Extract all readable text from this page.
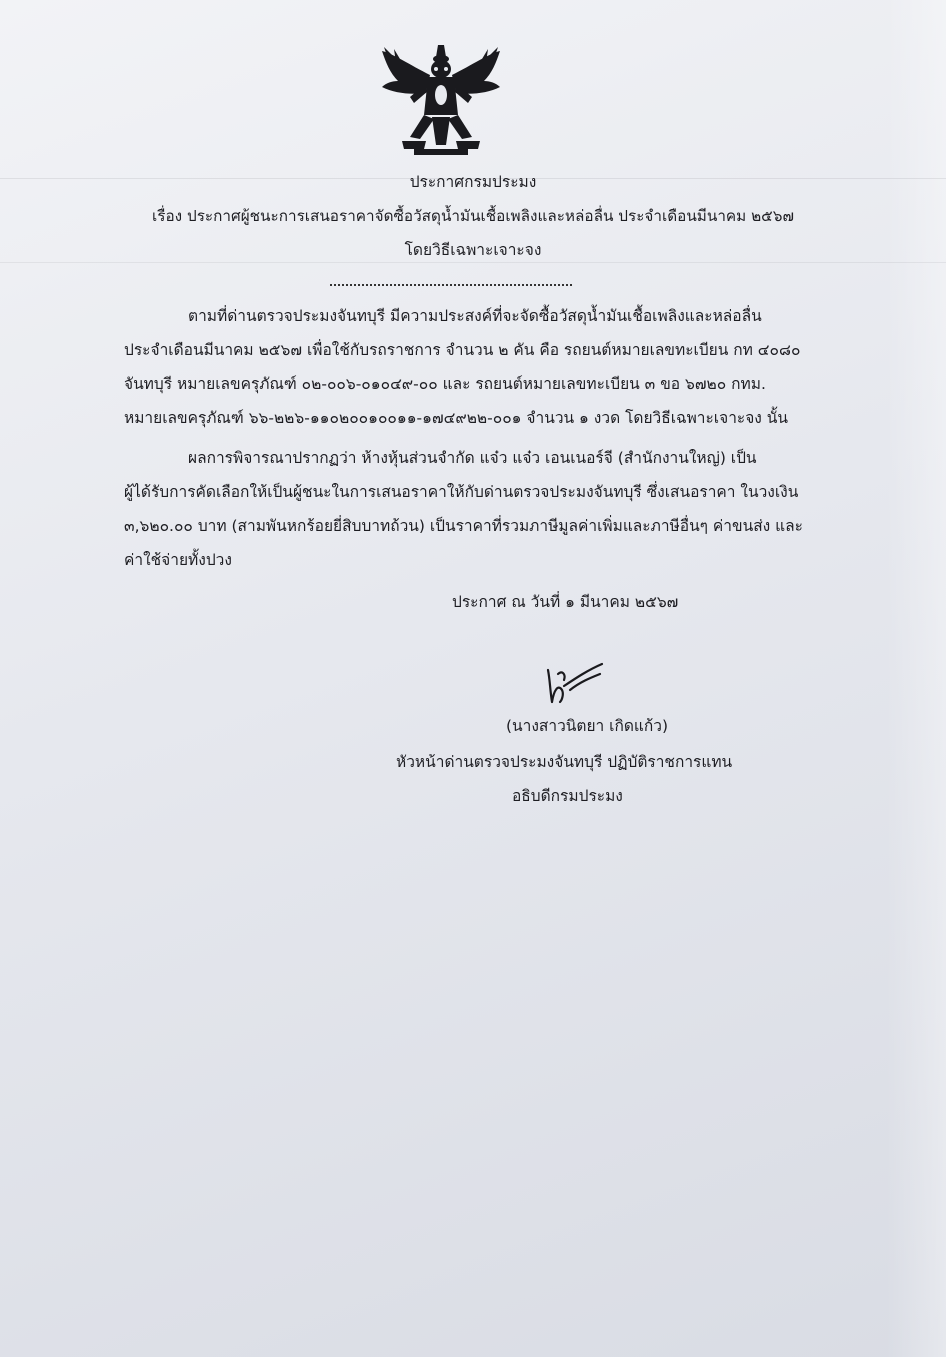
ประกาศกรมประมง
เรื่อง ประกาศผู้ชนะการเสนอราคาจัดซื้อวัสดุน้ำมันเชื้อเพลิงและหล่อลื่น ประจำเดือนมีนาคม ๒๕๖๗
โดยวิธีเฉพาะเจาะจง
ตามที่ด่านตรวจประมงจันทบุรี มีความประสงค์ที่จะจัดซื้อวัสดุน้ำมันเชื้อเพลิงและหล่อลื่น
ประจำเดือนมีนาคม ๒๕๖๗ เพื่อใช้กับรถราชการ จำนวน ๒ คัน คือ รถยนต์หมายเลขทะเบียน กท ๔๐๘๐
จันทบุรี หมายเลขครุภัณฑ์ ๐๒-๐๐๖-๐๑๐๔๙-๐๐ และ รถยนต์หมายเลขทะเบียน ๓ ขอ ๖๗๒๐ กทม.
หมายเลขครุภัณฑ์ ๖๖-๒๒๖-๑๑๐๒๐๐๑๐๐๑๑-๑๗๔๙๒๒-๐๐๑ จำนวน ๑ งวด โดยวิธีเฉพาะเจาะจง นั้น
ผลการพิจารณาปรากฏว่า ห้างหุ้นส่วนจำกัด แจ๋ว แจ๋ว เอนเนอร์จี (สำนักงานใหญ่) เป็น
ผู้ได้รับการคัดเลือกให้เป็นผู้ชนะในการเสนอราคาให้กับด่านตรวจประมงจันทบุรี ซึ่งเสนอราคา ในวงเงิน
๓,๖๒๐.๐๐ บาท (สามพันหกร้อยยี่สิบบาทถ้วน) เป็นราคาที่รวมภาษีมูลค่าเพิ่มและภาษีอื่นๆ ค่าขนส่ง และ
ค่าใช้จ่ายทั้งปวง
ประกาศ ณ วันที่ ๑ มีนาคม ๒๕๖๗
(นางสาวนิตยา เกิดแก้ว)
หัวหน้าด่านตรวจประมงจันทบุรี ปฏิบัติราชการแทน
อธิบดีกรมประมง
